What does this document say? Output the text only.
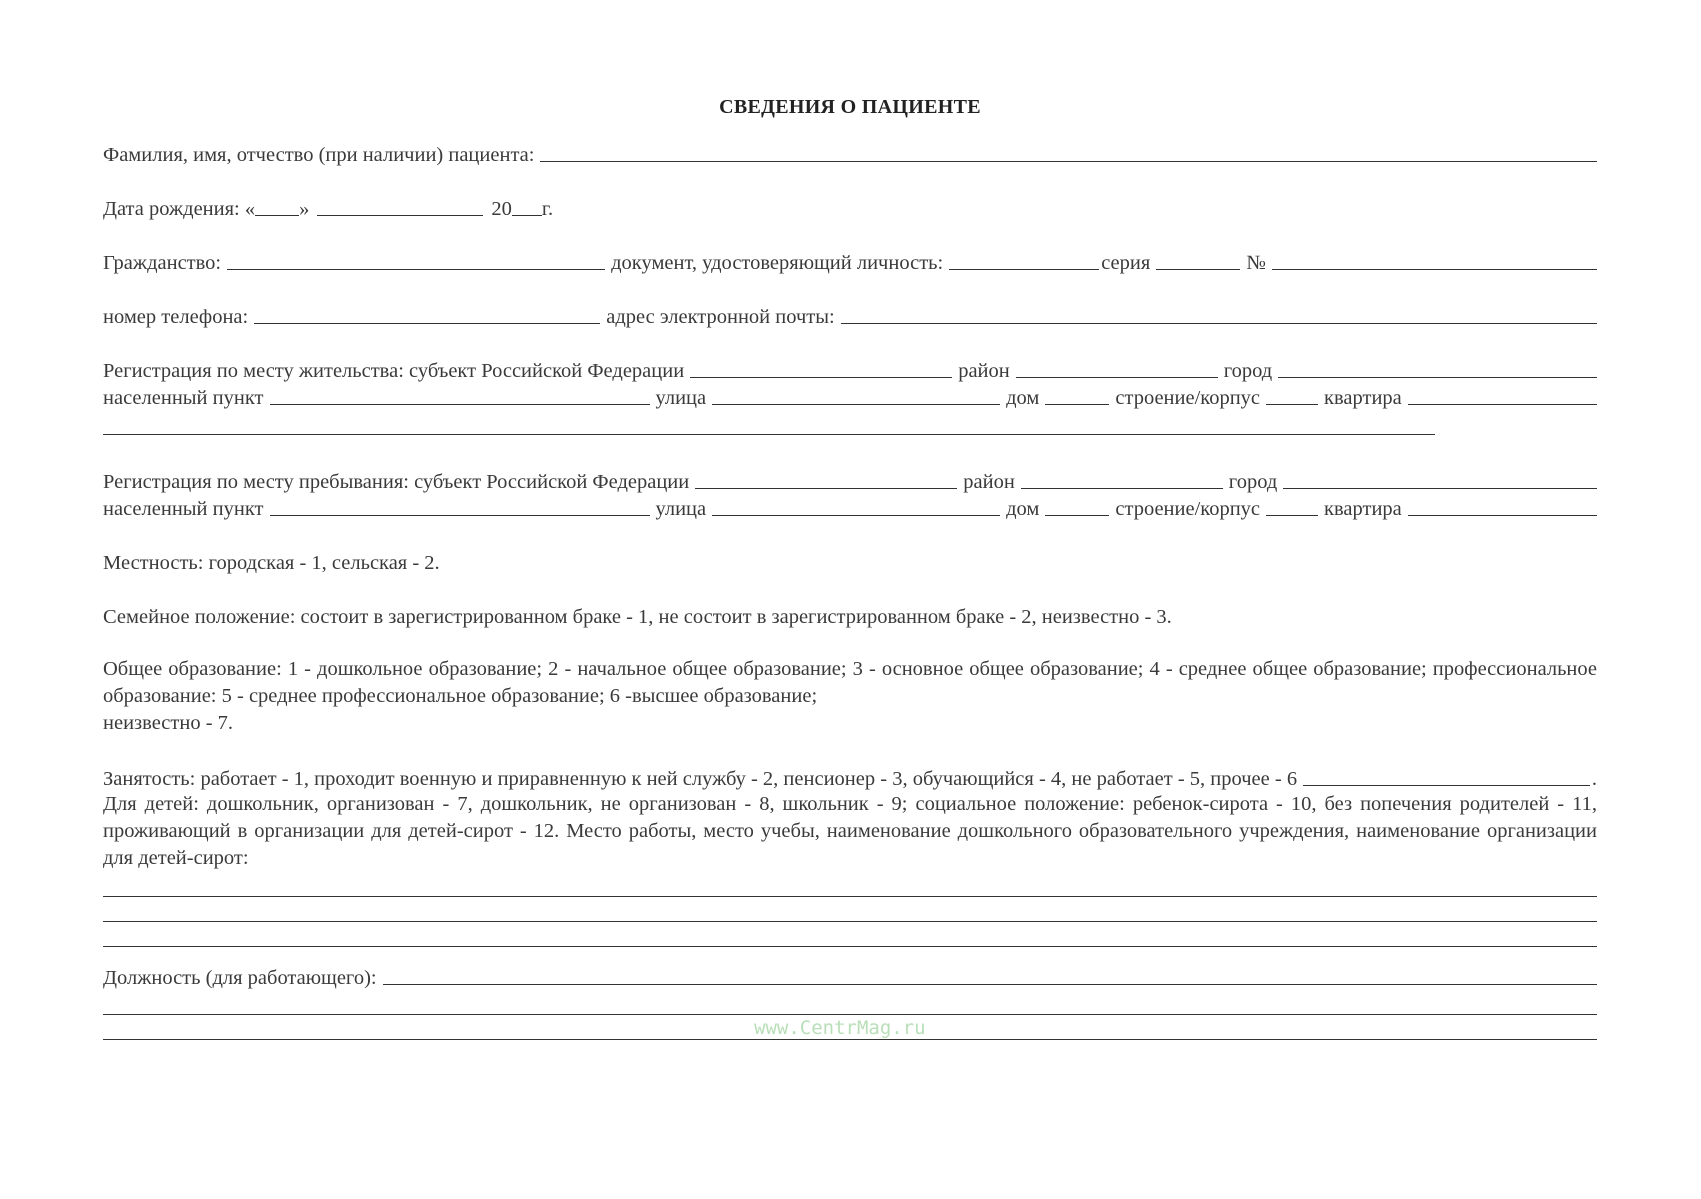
СВЕДЕНИЯ О ПАЦИЕНТЕ
Фамилия, имя, отчество (при наличии) пациента:
Дата рождения: « »	20 г.
Гражданство:	документ, удостоверяющий личность:	серия	№
номер телефона:	адрес электронной почты:
Регистрация по месту жительства: субъект Российской Федерации	район	город
населенный пункт	улица	дом	строение/корпус	квартира
Регистрация по месту пребывания: субъект Российской Федерации	район	город
населенный пункт	улица	дом	строение/корпус	квартира
Местность: городская - 1, сельская - 2.
Семейное положение: состоит в зарегистрированном браке - 1, не состоит в зарегистрированном браке - 2, неизвестно - 3.
Общее образование: 1 - дошкольное образование; 2 - начальное общее образование; 3 - основное общее образование; 4 - среднее общее образование; профессиональное образование: 5 - среднее профессиональное образование; 6 -высшее образование;
неизвестно - 7.
Занятость: работает - 1, проходит военную и приравненную к ней службу - 2, пенсионер - 3, обучающийся - 4, не работает - 5, прочее - 6	.
Для детей: дошкольник, организован - 7, дошкольник, не организован - 8, школьник - 9; социальное положение: ребенок-сирота - 10, без попечения родителей - 11, проживающий в организации для детей-сирот - 12. Место работы, место учебы, наименование дошкольного образовательного учреждения, наименование организации для детей-сирот:
Должность (для работающего):
www.CentrMag.ru
